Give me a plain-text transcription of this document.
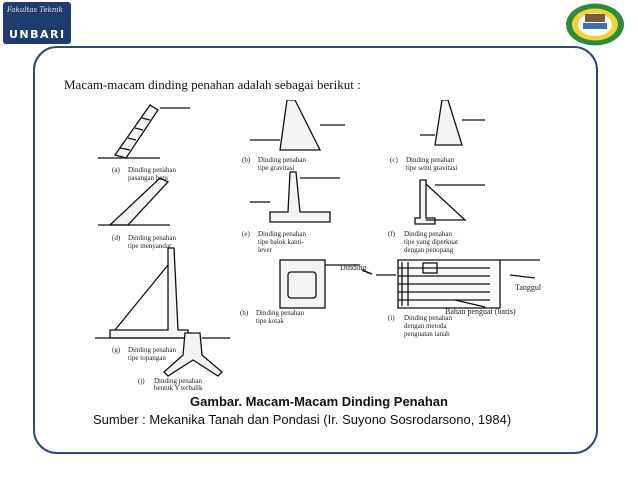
Fakultas Teknik
UNBARI
Macam-macam dinding penahan adalah sebagai berikut :
(a) Dinding penahan pasangan batu
(b) Dinding penahan tipe gravitasi
(c) Dinding penahan tipe semi gravitasi
(d) Dinding penahan tipe menyandar
(e) Dinding penahan tipe balok kanti-lever
(f) Dinding penahan tipe yang diperkuat dengan penopang
(g) Dinding penahan tipe topangan
(h) Dinding penahan tipe kotak	(i) Dinding penahan dengan metoda penguatan tanah
(j) Dinding penahan bentuk Y terbalik
Dinding
Tanggul
Bahan penguat (baris)
Gambar. Macam-Macam Dinding Penahan
Sumber : Mekanika Tanah dan Pondasi (Ir. Suyono Sosrodarsono, 1984)
